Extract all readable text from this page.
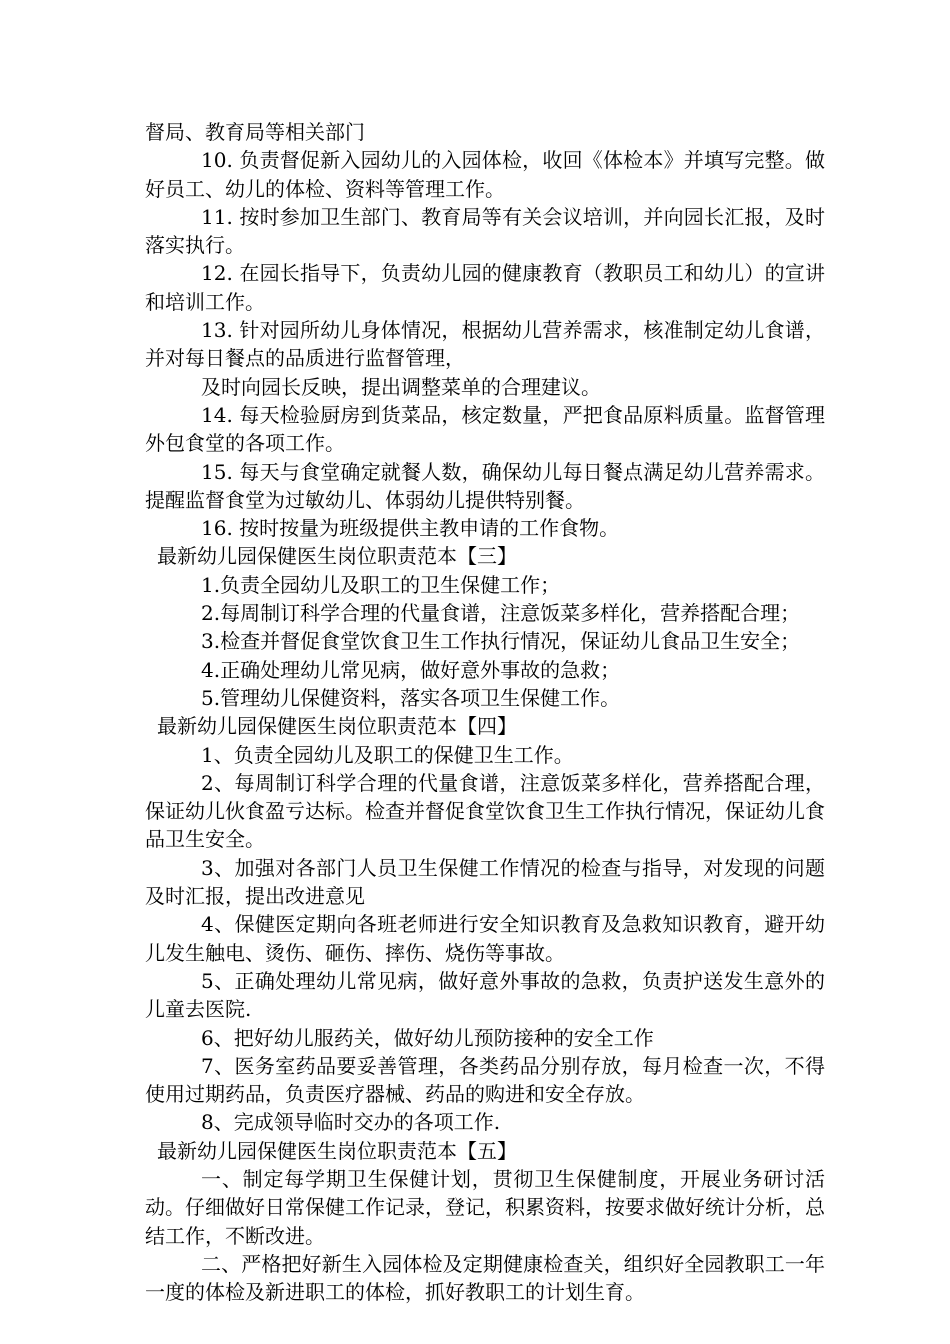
督局、教育局等相关部门

10. 负责督促新入园幼儿的入园体检，收回《体检本》并填写完整。做好员工、幼儿的体检、资料等管理工作。

11. 按时参加卫生部门、教育局等有关会议培训，并向园长汇报，及时落实执行。

12. 在园长指导下，负责幼儿园的健康教育（教职员工和幼儿）的宣讲和培训工作。

13. 针对园所幼儿身体情况，根据幼儿营养需求，核准制定幼儿食谱，并对每日餐点的品质进行监督管理，

及时向园长反映，提出调整菜单的合理建议。

14. 每天检验厨房到货菜品，核定数量，严把食品原料质量。监督管理外包食堂的各项工作。

15. 每天与食堂确定就餐人数，确保幼儿每日餐点满足幼儿营养需求。提醒监督食堂为过敏幼儿、体弱幼儿提供特别餐。

16. 按时按量为班级提供主教申请的工作食物。

最新幼儿园保健医生岗位职责范本【三】

1.负责全园幼儿及职工的卫生保健工作；

2.每周制订科学合理的代量食谱，注意饭菜多样化，营养搭配合理；

3.检查并督促食堂饮食卫生工作执行情况，保证幼儿食品卫生安全；

4.正确处理幼儿常见病，做好意外事故的急救；

5.管理幼儿保健资料，落实各项卫生保健工作。

最新幼儿园保健医生岗位职责范本【四】

1、负责全园幼儿及职工的保健卫生工作。

2、每周制订科学合理的代量食谱，注意饭菜多样化，营养搭配合理，保证幼儿伙食盈亏达标。检查并督促食堂饮食卫生工作执行情况，保证幼儿食品卫生安全。

3、加强对各部门人员卫生保健工作情况的检查与指导，对发现的问题及时汇报，提出改进意见

4、保健医定期向各班老师进行安全知识教育及急救知识教育，避开幼儿发生触电、烫伤、砸伤、摔伤、烧伤等事故。

5、正确处理幼儿常见病，做好意外事故的急救，负责护送发生意外的儿童去医院.

6、把好幼儿服药关，做好幼儿预防接种的安全工作

7、医务室药品要妥善管理，各类药品分别存放，每月检查一次，不得使用过期药品，负责医疗器械、药品的购进和安全存放。

8、完成领导临时交办的各项工作.

最新幼儿园保健医生岗位职责范本【五】

一、制定每学期卫生保健计划，贯彻卫生保健制度，开展业务研讨活动。仔细做好日常保健工作记录，登记，积累资料，按要求做好统计分析，总结工作，不断改进。

二、严格把好新生入园体检及定期健康检查关，组织好全园教职工一年一度的体检及新进职工的体检，抓好教职工的计划生育。
